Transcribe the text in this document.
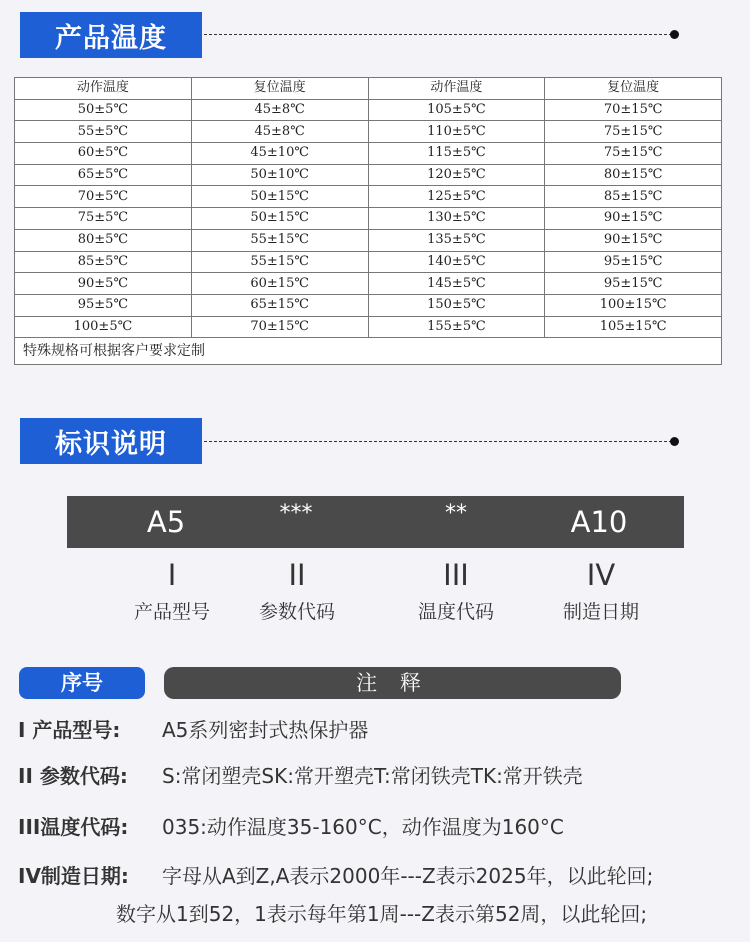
产品温度
动作温度	复位温度	动作温度	复位温度
50±5℃	45±8℃	105±5℃	70±15℃
55±5℃	45±8℃	110±5℃	75±15℃
60±5℃	45±10℃	115±5℃	75±15℃
65±5℃	50±10℃	120±5℃	80±15℃
70±5℃	50±15℃	125±5℃	85±15℃
75±5℃	50±15℃	130±5℃	90±15℃
80±5℃	55±15℃	135±5℃	90±15℃
85±5℃	55±15℃	140±5℃	95±15℃
90±5℃	60±15℃	145±5℃	95±15℃
95±5℃	65±15℃	150±5℃	100±15℃
100±5℃	70±15℃	155±5℃	105±15℃
特殊规格可根据客户要求定制			
标识说明
A5	***	**	A10
I	II	III	IV
产品型号	参数代码	温度代码	制造日期
序号	注 释
I 产品型号: A5系列密封式热保护器
II 参数代码: S:常闭塑壳SK:常开塑壳T:常闭铁壳TK:常开铁壳
III温度代码: 035:动作温度35-160°C，动作温度为160°C
IV制造日期: 字母从A到Z,A表示2000年---Z表示2025年，以此轮回;
数字从1到52，1表示每年第1周---Z表示第52周，以此轮回;
